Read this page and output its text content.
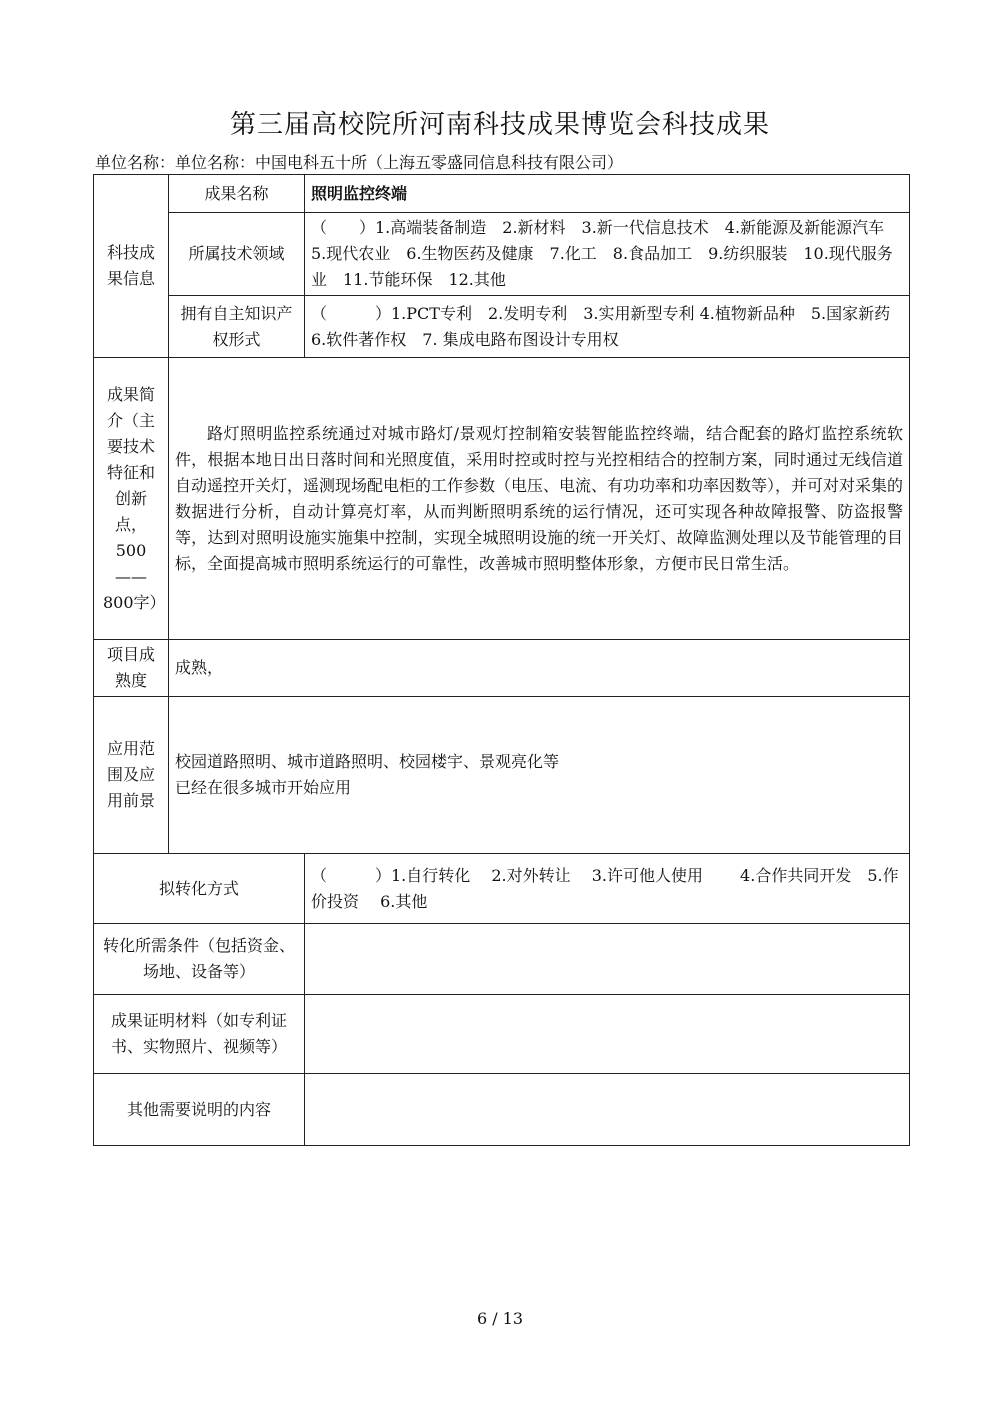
第三届高校院所河南科技成果博览会科技成果
单位名称：单位名称：中国电科五十所（上海五零盛同信息科技有限公司）
科技成果信息	成果名称	照明监控终端
	所属技术领域	（　　）1.高端装备制造　2.新材料　3.新一代信息技术　4.新能源及新能源汽车　5.现代农业　6.生物医药及健康　7.化工　8.食品加工　9.纺织服装　10.现代服务业　11.节能环保　12.其他
	拥有自主知识产权形式	（　　　）1.PCT专利　2.发明专利　3.实用新型专利 4.植物新品种　5.国家新药　6.软件著作权　7. 集成电路布图设计专用权
成果简介（主要技术特征和创新点，500——800字）	路灯照明监控系统通过对城市路灯/景观灯控制箱安装智能监控终端，结合配套的路灯监控系统软件，根据本地日出日落时间和光照度值，采用时控或时控与光控相结合的控制方案，同时通过无线信道自动遥控开关灯，遥测现场配电柜的工作参数（电压、电流、有功功率和功率因数等），并可对对采集的数据进行分析，自动计算亮灯率，从而判断照明系统的运行情况，还可实现各种故障报警、防盗报警等，达到对照明设施实施集中控制，实现全城照明设施的统一开关灯、故障监测处理以及节能管理的目标，全面提高城市照明系统运行的可靠性，改善城市照明整体形象，方便市民日常生活。	

项目成熟度	成熟，	
应用范围及应用前景	校园道路照明、城市道路照明、校园楼宇、景观亮化等
已经在很多城市开始应用	

拟转化方式		（　　　）1.自行转化　 2.对外转让　 3.许可他人使用　　 4.合作共同开发　5.作价投资　 6.其他
转化所需条件（包括资金、场地、设备等）		
成果证明材料（如专利证书、实物照片、视频等）		
其他需要说明的内容		
6 / 13
